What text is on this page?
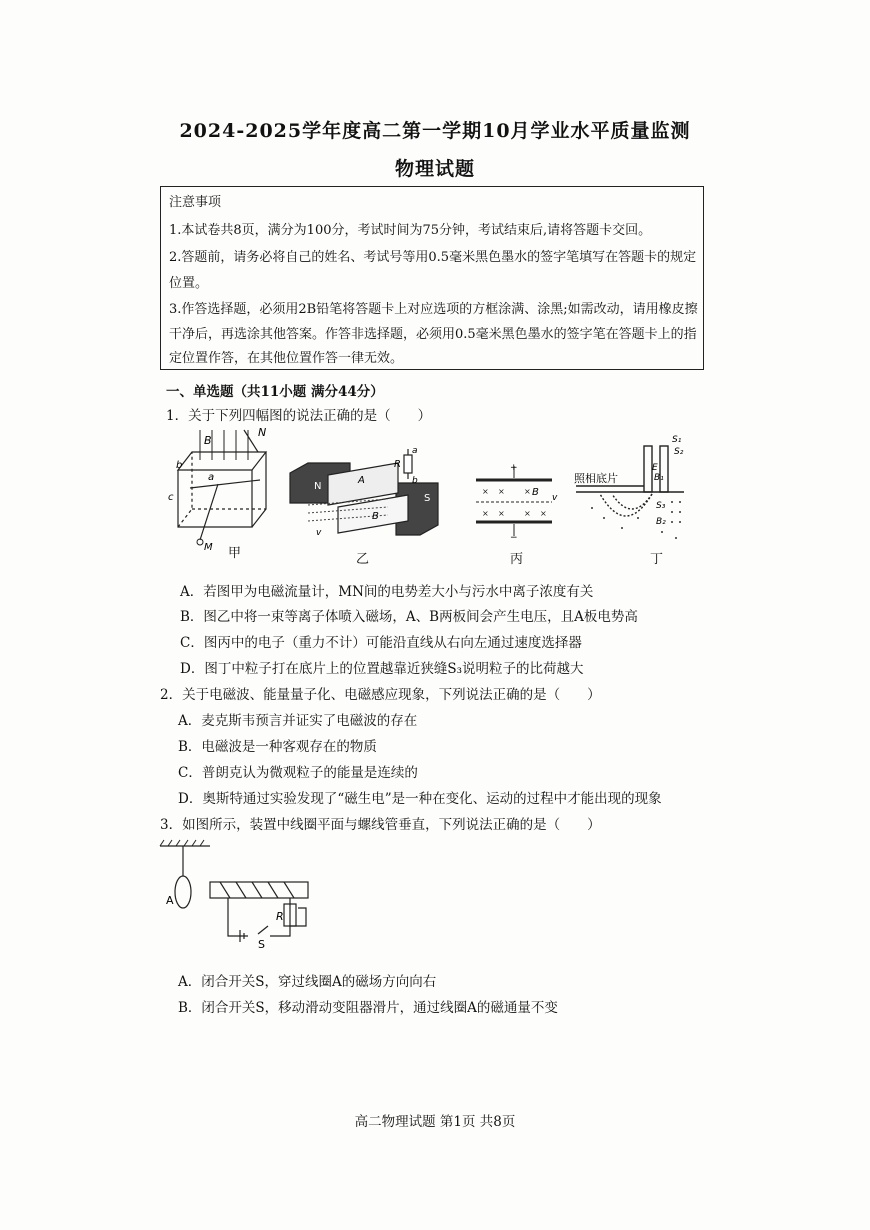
2024-2025学年度高二第一学期10月学业水平质量监测
物理试题
注意事项
1.本试卷共8页，满分为100分，考试时间为75分钟，考试结束后,请将答题卡交回。
2.答题前，请务必将自己的姓名、考试号等用0.5毫米黑色墨水的签字笔填写在答题卡的规定
位置。
3.作答选择题，必须用2B铅笔将答题卡上对应选项的方框涂满、涂黑;如需改动，请用橡皮擦
干净后，再选涂其他答案。作答非选择题，必须用0.5毫米黑色墨水的签字笔在答题卡上的指
定位置作答，在其他位置作答一律无效。
一、单选题（共11小题 满分44分）
1．关于下列四幅图的说法正确的是（　　）
B
N
a
b
c
M 甲
N
S
A
B
R
a
b
v
乙
× × ×
× × × ×
+
−
B v
丙
照相底片
S₁
S₂
S₃
B₁
B₂
E
丁
A．若图甲为电磁流量计，MN间的电势差大小与污水中离子浓度有关
B．图乙中将一束等离子体喷入磁场，A、B两板间会产生电压，且A板电势高
C．图丙中的电子（重力不计）可能沿直线从右向左通过速度选择器
D．图丁中粒子打在底片上的位置越靠近狭缝S₃说明粒子的比荷越大
2．关于电磁波、能量量子化、电磁感应现象，下列说法正确的是（　　）
A．麦克斯韦预言并证实了电磁波的存在
B．电磁波是一种客观存在的物质
C．普朗克认为微观粒子的能量是连续的
D．奥斯特通过实验发现了“磁生电”是一种在变化、运动的过程中才能出现的现象
3．如图所示，装置中线圈平面与螺线管垂直，下列说法正确的是（　　）
A
R
S
A．闭合开关S，穿过线圈A的磁场方向向右
B．闭合开关S，移动滑动变阻器滑片，通过线圈A的磁通量不变
高二物理试题 第1页 共8页
